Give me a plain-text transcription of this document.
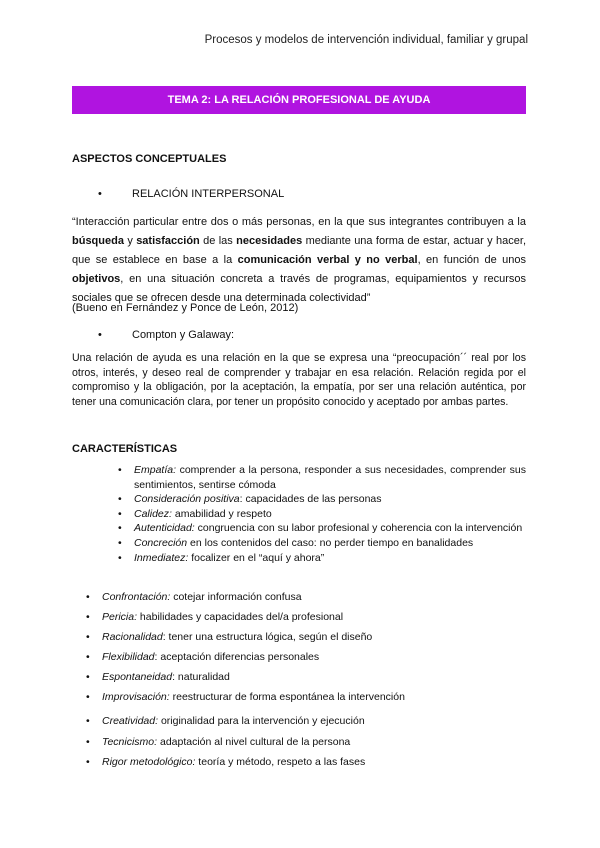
Procesos y modelos de intervención individual, familiar y grupal
TEMA 2: LA RELACIÓN PROFESIONAL DE AYUDA
ASPECTOS CONCEPTUALES
•	RELACIÓN INTERPERSONAL
“Interacción particular entre dos o más personas, en la que sus integrantes contribuyen a la búsqueda y satisfacción de las necesidades mediante una forma de estar, actuar y hacer, que se establece en base a la comunicación verbal y no verbal, en función de unos objetivos, en una situación concreta a través de programas, equipamientos y recursos sociales que se ofrecen desde una determinada colectividad”
(Bueno en Fernández y Ponce de León, 2012)
•	Compton y Galaway:
Una relación de ayuda es una relación en la que se expresa una “preocupación´´ real por los otros, interés, y deseo real de comprender y trabajar en esa relación. Relación regida por el compromiso y la obligación, por la aceptación, la empatía, por ser una relación auténtica, por tener una comunicación clara, por tener un propósito conocido y aceptado por ambas partes.
CARACTERÍSTICAS
• Empatía: comprender a la persona, responder a sus necesidades, comprender sus sentimientos, sentirse cómoda
• Consideración positiva: capacidades de las personas
• Calidez: amabilidad y respeto
• Autenticidad: congruencia con su labor profesional y coherencia con la intervención
• Concreción en los contenidos del caso: no perder tiempo en banalidades
• Inmediatez: focalizer en el “aquí y ahora”
• Confrontación: cotejar información confusa
• Pericia: habilidades y capacidades del/a profesional
• Racionalidad: tener una estructura lógica, según el diseño
• Flexibilidad: aceptación diferencias personales
• Espontaneidad: naturalidad
• Improvisación: reestructurar de forma espontánea la intervención
• Creatividad: originalidad para la intervención y ejecución
• Tecnicismo: adaptación al nivel cultural de la persona
• Rigor metodológico: teoría y método, respeto a las fases
